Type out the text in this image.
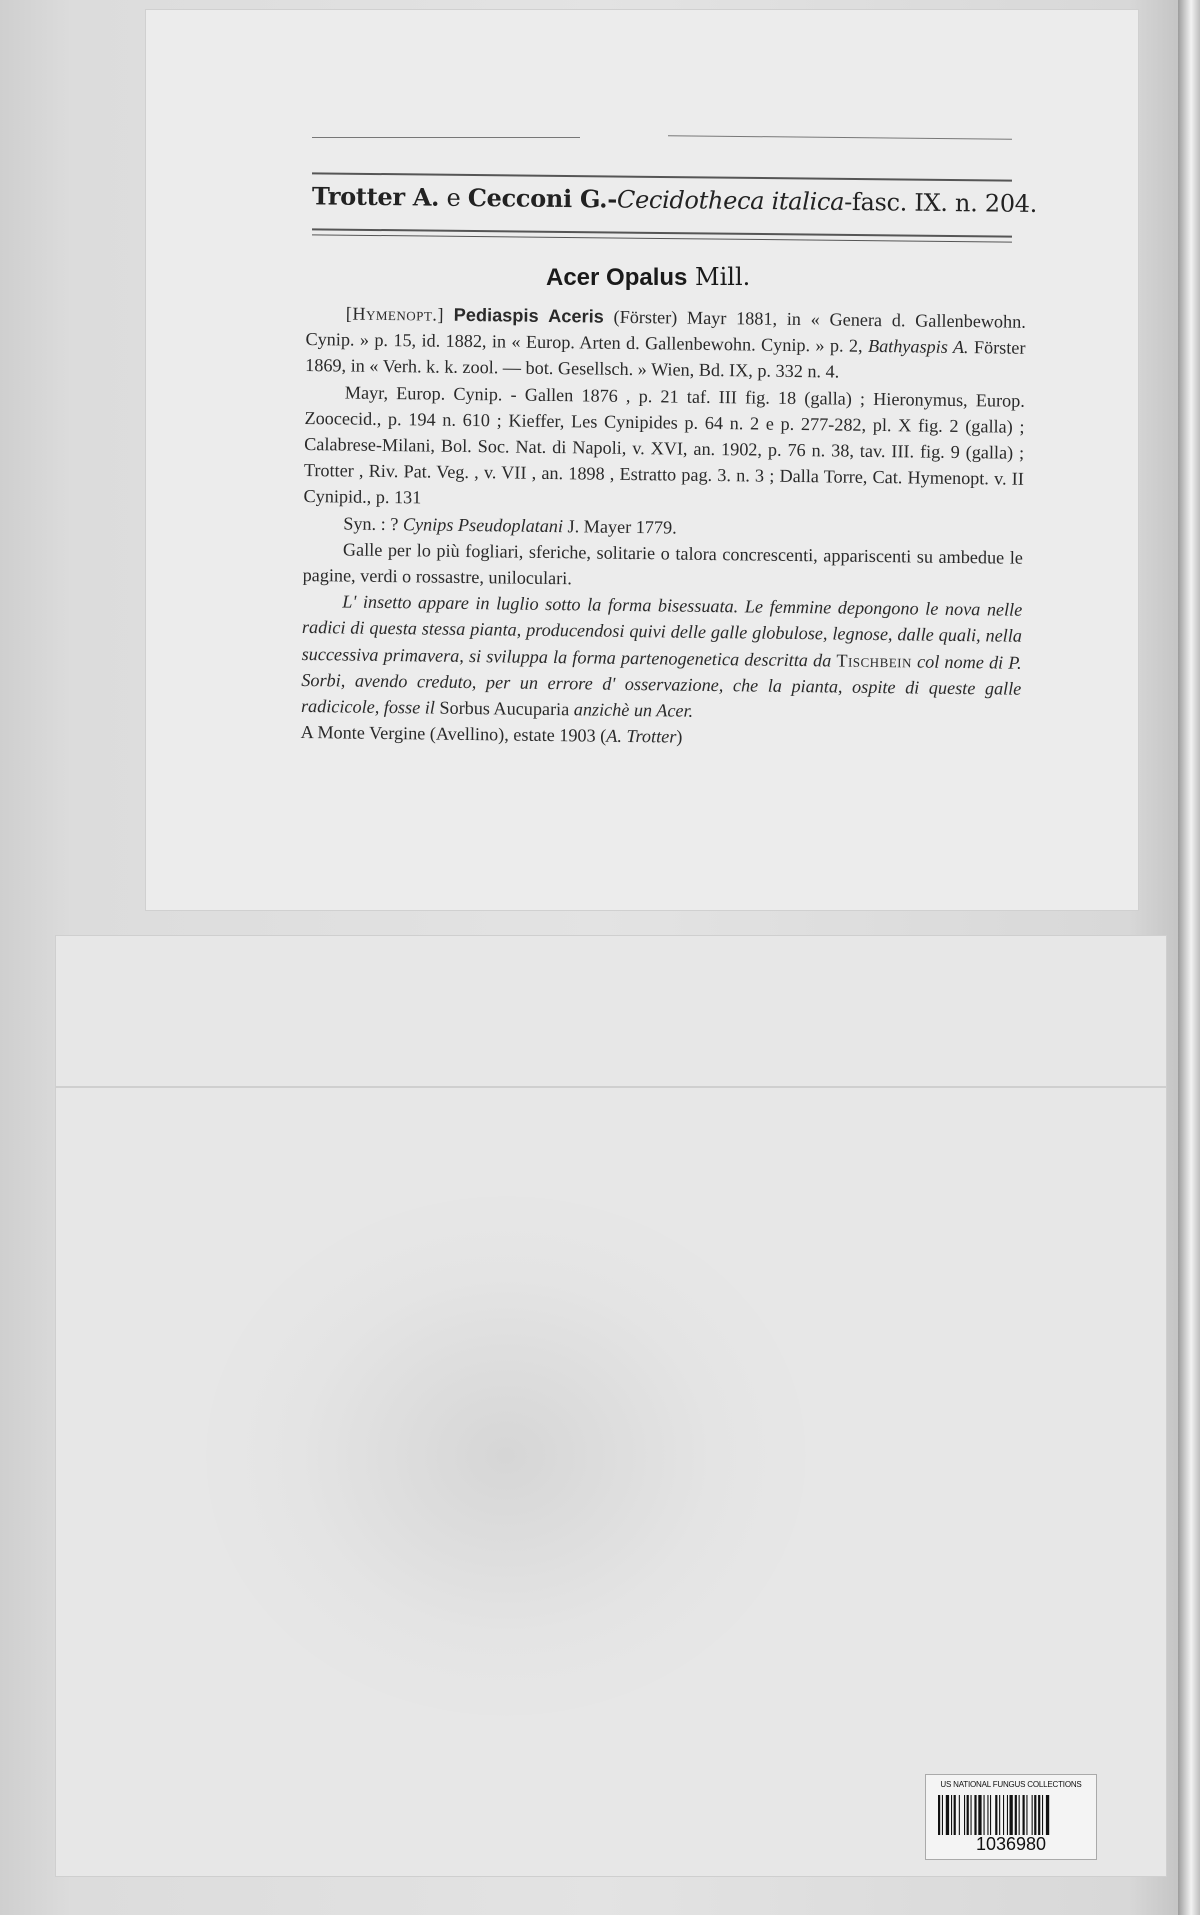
Trotter A. e Cecconi G.-Cecidotheca italica-fasc. IX. n. 204.
Acer Opalus Mill.

[Hymenopt.] Pediaspis Aceris (Förster) Mayr 1881, in « Genera d. Gallenbewohn. Cynip. » p. 15, id. 1882, in « Europ. Arten d. Gallenbewohn. Cynip. » p. 2, Bathyaspis A. Förster 1869, in « Verh. k. k. zool. — bot. Gesellsch. » Wien, Bd. IX, p. 332 n. 4.

Mayr, Europ. Cynip. - Gallen 1876 , p. 21 taf. III fig. 18 (galla) ; Hieronymus, Europ. Zoocecid., p. 194 n. 610 ; Kieffer, Les Cynipides p. 64 n. 2 e p. 277-282, pl. X fig. 2 (galla) ; Calabrese-Milani, Bol. Soc. Nat. di Napoli, v. XVI, an. 1902, p. 76 n. 38, tav. III. fig. 9 (galla) ; Trotter , Riv. Pat. Veg. , v. VII , an. 1898 , Estratto pag. 3. n. 3 ; Dalla Torre, Cat. Hymenopt. v. II Cynipid., p. 131

Syn. : ? Cynips Pseudoplatani J. Mayer 1779.

Galle per lo più fogliari, sferiche, solitarie o talora concrescenti, appariscenti su ambedue le pagine, verdi o rossastre, uniloculari.

L' insetto appare in luglio sotto la forma bisessuata. Le femmine depongono le nova nelle radici di questa stessa pianta, producendosi quivi delle galle globulose, legnose, dalle quali, nella successiva primavera, si sviluppa la forma partenogenetica descritta da Tischbein col nome di P. Sorbi, avendo creduto, per un errore d' osservazione, che la pianta, ospite di queste galle radicicole, fosse il Sorbus Aucuparia anzichè un Acer.

A Monte Vergine (Avellino), estate 1903 (A. Trotter)

US NATIONAL FUNGUS COLLECTIONS
1036980
